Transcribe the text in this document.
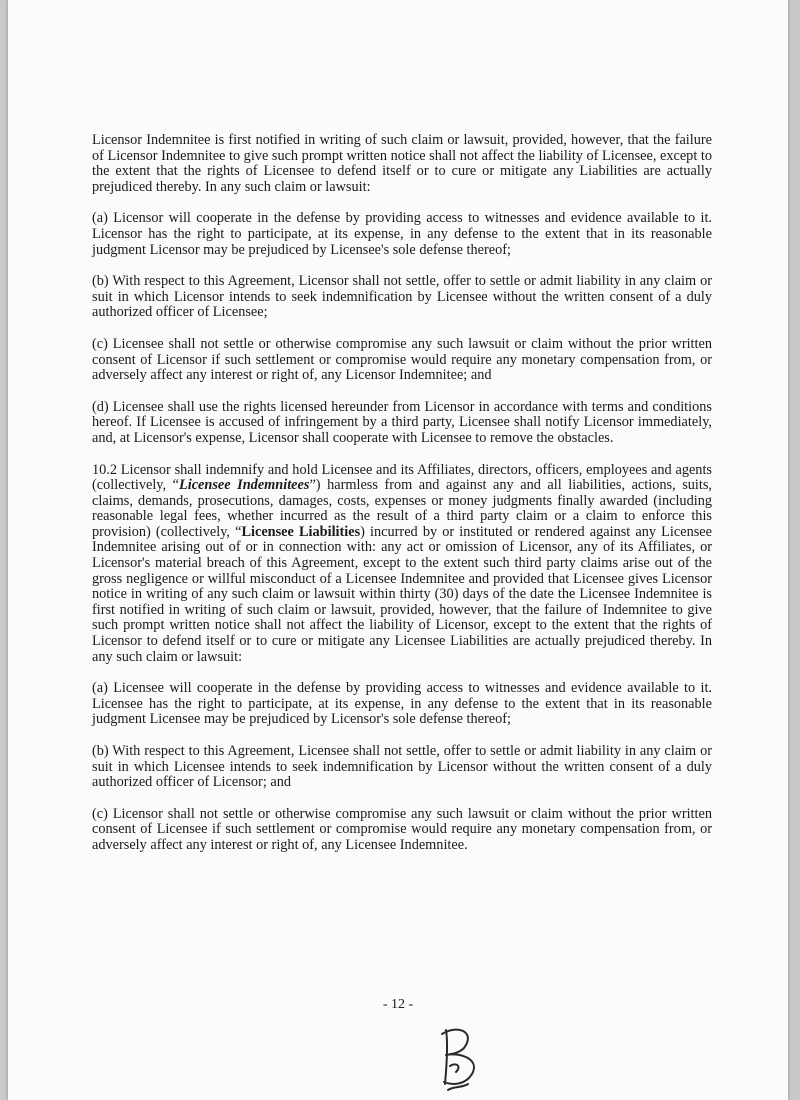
Licensor Indemnitee is first notified in writing of such claim or lawsuit, provided, however, that the failure of Licensor Indemnitee to give such prompt written notice shall not affect the liability of Licensee, except to the extent that the rights of Licensee to defend itself or to cure or mitigate any Liabilities are actually prejudiced thereby. In any such claim or lawsuit:

(a) Licensor will cooperate in the defense by providing access to witnesses and evidence available to it. Licensor has the right to participate, at its expense, in any defense to the extent that in its reasonable judgment Licensor may be prejudiced by Licensee's sole defense thereof;

(b) With respect to this Agreement, Licensor shall not settle, offer to settle or admit liability in any claim or suit in which Licensor intends to seek indemnification by Licensee without the written consent of a duly authorized officer of Licensee;

(c) Licensee shall not settle or otherwise compromise any such lawsuit or claim without the prior written consent of Licensor if such settlement or compromise would require any monetary compensation from, or adversely affect any interest or right of, any Licensor Indemnitee; and

(d) Licensee shall use the rights licensed hereunder from Licensor in accordance with terms and conditions hereof. If Licensee is accused of infringement by a third party, Licensee shall notify Licensor immediately, and, at Licensor's expense, Licensor shall cooperate with Licensee to remove the obstacles.

10.2 Licensor shall indemnify and hold Licensee and its Affiliates, directors, officers, employees and agents (collectively, “Licensee Indemnitees”) harmless from and against any and all liabilities, actions, suits, claims, demands, prosecutions, damages, costs, expenses or money judgments finally awarded (including reasonable legal fees, whether incurred as the result of a third party claim or a claim to enforce this provision) (collectively, “Licensee Liabilities) incurred by or instituted or rendered against any Licensee Indemnitee arising out of or in connection with: any act or omission of Licensor, any of its Affiliates, or Licensor's material breach of this Agreement, except to the extent such third party claims arise out of the gross negligence or willful misconduct of a Licensee Indemnitee and provided that Licensee gives Licensor notice in writing of any such claim or lawsuit within thirty (30) days of the date the Licensee Indemnitee is first notified in writing of such claim or lawsuit, provided, however, that the failure of Indemnitee to give such prompt written notice shall not affect the liability of Licensor, except to the extent that the rights of Licensor to defend itself or to cure or mitigate any Licensee Liabilities are actually prejudiced thereby. In any such claim or lawsuit:

(a) Licensee will cooperate in the defense by providing access to witnesses and evidence available to it. Licensee has the right to participate, at its expense, in any defense to the extent that in its reasonable judgment Licensee may be prejudiced by Licensor's sole defense thereof;

(b) With respect to this Agreement, Licensee shall not settle, offer to settle or admit liability in any claim or suit in which Licensee intends to seek indemnification by Licensor without the written consent of a duly authorized officer of Licensor; and

(c) Licensor shall not settle or otherwise compromise any such lawsuit or claim without the prior written consent of Licensee if such settlement or compromise would require any monetary compensation from, or adversely affect any interest or right of, any Licensee Indemnitee.

- 12 -
